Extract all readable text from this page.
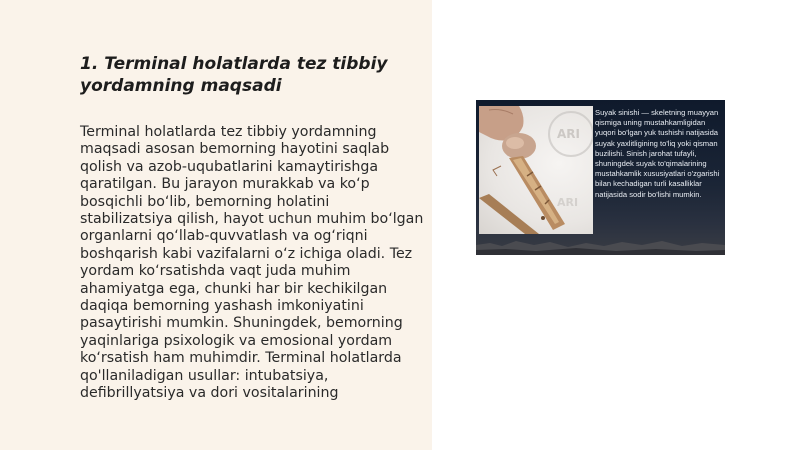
1. Terminal holatlarda tez tibbiy yordamning maqsadi

Terminal holatlarda tez tibbiy yordamning maqsadi asosan bemorning hayotini saqlab qolish va azob-uqubatlarini kamaytirishga qaratilgan. Bu jarayon murakkab va ko‘p bosqichli bo‘lib, bemorning holatini stabilizatsiya qilish, hayot uchun muhim bo‘lgan organlarni qo‘llab-quvvatlash va og‘riqni boshqarish kabi vazifalarni o‘z ichiga oladi. Tez yordam ko‘rsatishda vaqt juda muhim ahamiyatga ega, chunki har bir kechikilgan daqiqa bemorning yashash imkoniyatini pasaytirishi mumkin. Shuningdek, bemorning yaqinlariga psixologik va emosional yordam ko‘rsatish ham muhimdir. Terminal holatlarda qo'llaniladigan usullar: intubatsiya, defibrillyatsiya va dori vositalarining

ARI
ARI

Suyak sinishi — skeletning muayyan qismiga uning mustahkamligidan yuqori bo'lgan yuk tushishi natijasida suyak yaxlitligining to'liq yoki qisman buzilishi. Sinish jarohat tufayli, shuningdek suyak to'qimalarining mustahkamlik xususiyatlari o'zgarishi bilan kechadigan turli kasalliklar natijasida sodir bo'lishi mumkin.
